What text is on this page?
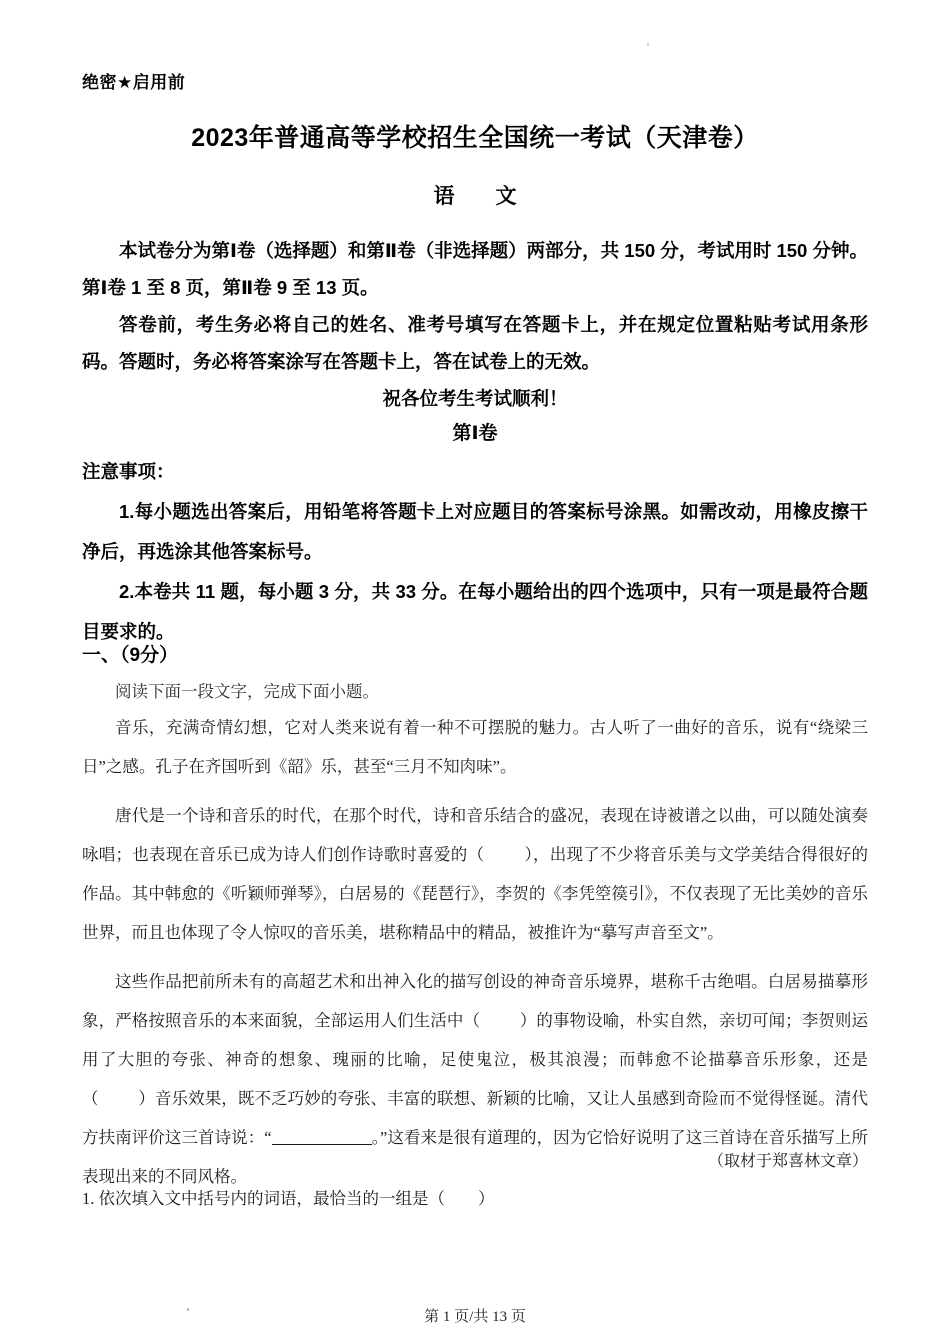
绝密★启用前
2023年普通高等学校招生全国统一考试（天津卷）
语　文

本试卷分为第Ⅰ卷（选择题）和第Ⅱ卷（非选择题）两部分，共 150 分，考试用时 150 分钟。第Ⅰ卷 1 至 8 页，第Ⅱ卷 9 至 13 页。

答卷前，考生务必将自己的姓名、准考号填写在答题卡上，并在规定位置粘贴考试用条形码。答题时，务必将答案涂写在答题卡上，答在试卷上的无效。

祝各位考生考试顺利！

第Ⅰ卷
注意事项：

1.每小题选出答案后，用铅笔将答题卡上对应题目的答案标号涂黑。如需改动，用橡皮擦干净后，再选涂其他答案标号。

2.本卷共 11 题，每小题 3 分，共 33 分。在每小题给出的四个选项中，只有一项是最符合题目要求的。

一、（9分）
阅读下面一段文字，完成下面小题。

音乐，充满奇情幻想，它对人类来说有着一种不可摆脱的魅力。古人听了一曲好的音乐，说有“绕梁三日”之感。孔子在齐国听到《韶》乐，甚至“三月不知肉味”。

唐代是一个诗和音乐的时代，在那个时代，诗和音乐结合的盛况，表现在诗被谱之以曲，可以随处演奏咏唱；也表现在音乐已成为诗人们创作诗歌时喜爱的（　　 ），出现了不少将音乐美与文学美结合得很好的作品。其中韩愈的《听颖师弹琴》，白居易的《琵琶行》，李贺的《李凭箜篌引》，不仅表现了无比美妙的音乐世界，而且也体现了令人惊叹的音乐美，堪称精品中的精品，被推许为“摹写声音至文”。

这些作品把前所未有的高超艺术和出神入化的描写创设的神奇音乐境界，堪称千古绝唱。白居易描摹形象，严格按照音乐的本来面貌，全部运用人们生活中（　　 ）的事物设喻，朴实自然，亲切可闻；李贺则运用了大胆的夸张、神奇的想象、瑰丽的比喻，足使鬼泣，极其浪漫；而韩愈不论描摹音乐形象，还是（　　 ）音乐效果，既不乏巧妙的夸张、丰富的联想、新颖的比喻，又让人虽感到奇险而不觉得怪诞。清代方扶南评价这三首诗说：“	。”这看来是很有道理的，因为它恰好说明了这三首诗在音乐描写上所表现出来的不同风格。

（取材于郑喜林文章）
1. 依次填入文中括号内的词语，最恰当的一组是（　　）
第 1 页/共 13 页
